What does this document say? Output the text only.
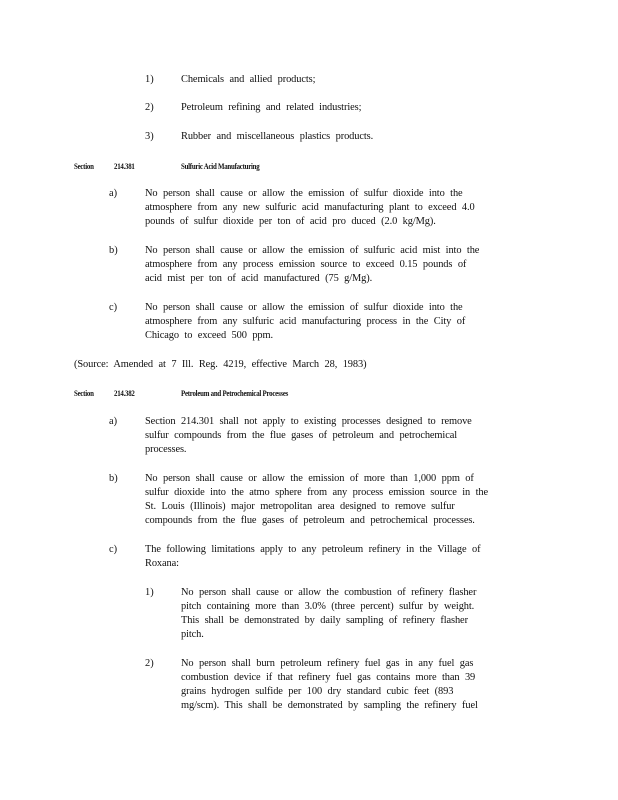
1)	Chemicals and allied products;
2)	Petroleum refining and related industries;
3)	Rubber and miscellaneous plastics products.
Section 214.381	Sulfuric Acid Manufacturing
a)	No person shall cause or allow the emission of sulfur dioxide into the
atmosphere from any new sulfuric acid manufacturing plant to exceed 4.0
pounds of sulfur dioxide per ton of acid pro duced (2.0 kg/Mg).
b)	No person shall cause or allow the emission of sulfuric acid mist into the
atmosphere from any process emission source to exceed 0.15 pounds of
acid mist per ton of acid manufactured (75 g/Mg).
c)	No person shall cause or allow the emission of sulfur dioxide into the
atmosphere from any sulfuric acid manufacturing process in the City of
Chicago to exceed 500 ppm.
(Source: Amended at 7 Ill. Reg. 4219, effective March 28, 1983)
Section 214.382	Petroleum and Petrochemical Processes
a)	Section 214.301 shall not apply to existing processes designed to remove
sulfur compounds from the flue gases of petroleum and petrochemical
processes.
b)	No person shall cause or allow the emission of more than 1,000 ppm of
sulfur dioxide into the atmo sphere from any process emission source in the
St. Louis (Illinois) major metropolitan area designed to remove sulfur
compounds from the flue gases of petroleum and petrochemical processes.
c)	The following limitations apply to any petroleum refinery in the Village of
Roxana:
1)	No person shall cause or allow the combustion of refinery flasher
pitch containing more than 3.0% (three percent) sulfur by weight.
This shall be demonstrated by daily sampling of refinery flasher
pitch.
2)	No person shall burn petroleum refinery fuel gas in any fuel gas
combustion device if that refinery fuel gas contains more than 39
grains hydrogen sulfide per 100 dry standard cubic feet (893
mg/scm). This shall be demonstrated by sampling the refinery fuel
